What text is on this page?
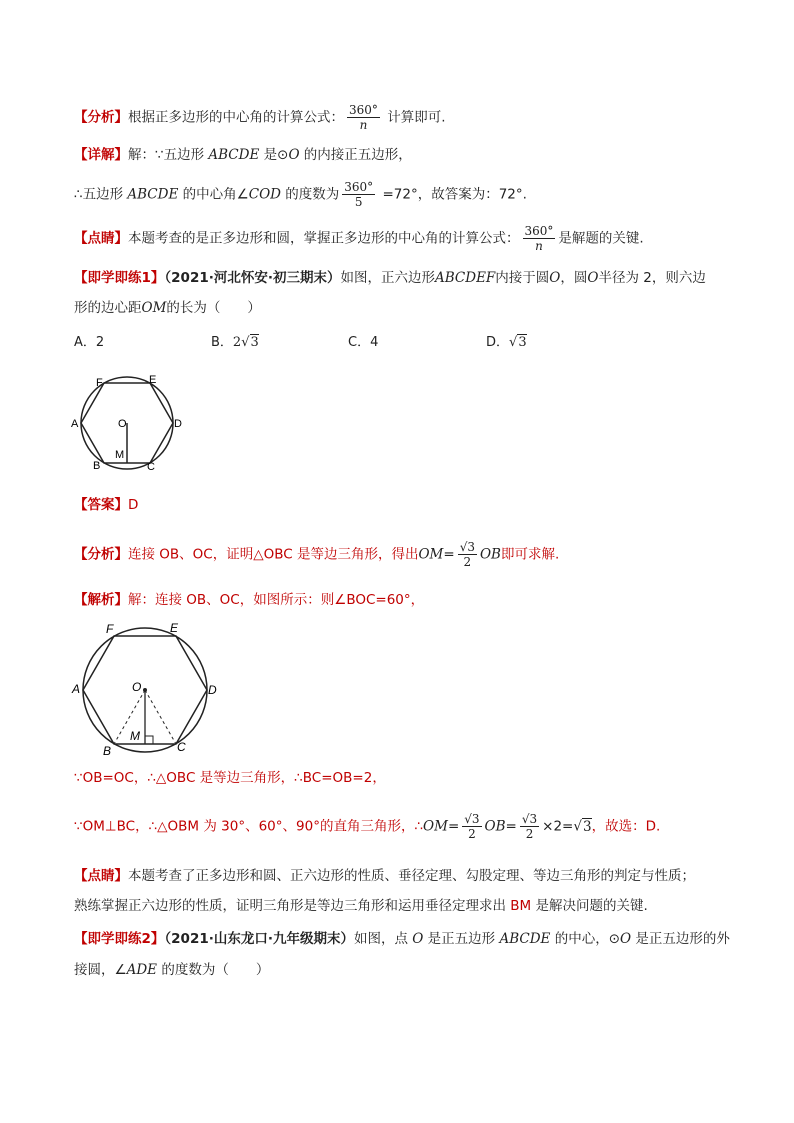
【分析】根据正多边形的中心角的计算公式： $\frac{360^\circ}{n}$ 计算即可.
【详解】解：∵五边形 ABCDE 是⊙O 的内接正五边形，
∴五边形 ABCDE 的中心角∠COD 的度数为 $\frac{360^\circ}{5} =72^\circ$，故答案为：72°.
【点睛】本题考查的是正多边形和圆，掌握正多边形的中心角的计算公式： $\frac{360^\circ}{n}$ 是解题的关键.
【即学即练1】（2021·河北怀安·初三期末）如图，正六边形ABCDEF内接于圆O，圆O半径为 2，则六边
形的边心距OM的长为（　　）
A．2	B．2√3	C．4	D．√3
F	E
A	O	D
M
B	C
【答案】D
【分析】连接 OB、OC，证明△OBC 是等边三角形，得出$OM= \frac{√3}{2}$ OB即可求解.
【解析】解：连接 OB、OC，如图所示：则∠BOC=60°，
F	E
A	O	D
M
B	C
∵OB=OC，∴△OBC 是等边三角形，∴BC=OB=2，
∵OM⊥BC，∴△OBM 为 30°、60°、90°的直角三角形，∴OM= $\frac{√3}{2} OB= \frac{√3}{2} \times 2=√3$，故选：D.
【点睛】本题考查了正多边形和圆、正六边形的性质、垂径定理、勾股定理、等边三角形的判定与性质；
熟练掌握正六边形的性质，证明三角形是等边三角形和运用垂径定理求出 BM 是解决问题的关键.
【即学即练2】（2021·山东龙口·九年级期末）如图，点 O 是正五边形 ABCDE 的中心，⊙O 是正五边形的外
接圆，∠ADE 的度数为（　　）
